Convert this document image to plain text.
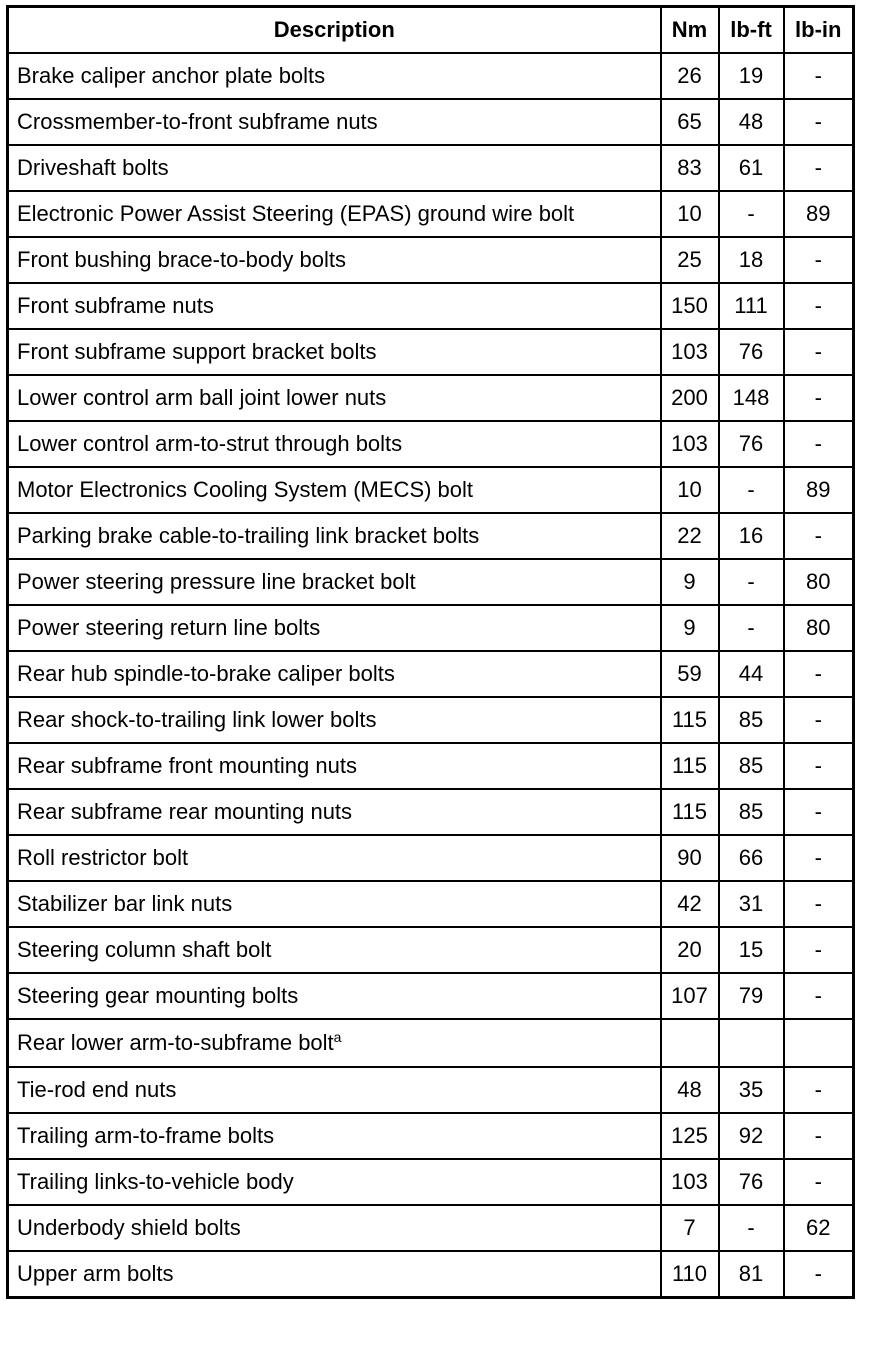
Description	Nm	lb-ft	lb-in
Brake caliper anchor plate bolts	26	19	-
Crossmember-to-front subframe nuts	65	48	-
Driveshaft bolts	83	61	-
Electronic Power Assist Steering (EPAS) ground wire bolt	10	-	89
Front bushing brace-to-body bolts	25	18	-
Front subframe nuts	150	111	-
Front subframe support bracket bolts	103	76	-
Lower control arm ball joint lower nuts	200	148	-
Lower control arm-to-strut through bolts	103	76	-
Motor Electronics Cooling System (MECS) bolt	10	-	89
Parking brake cable-to-trailing link bracket bolts	22	16	-
Power steering pressure line bracket bolt	9	-	80
Power steering return line bolts	9	-	80
Rear hub spindle-to-brake caliper bolts	59	44	-
Rear shock-to-trailing link lower bolts	115	85	-
Rear subframe front mounting nuts	115	85	-
Rear subframe rear mounting nuts	115	85	-
Roll restrictor bolt	90	66	-
Stabilizer bar link nuts	42	31	-
Steering column shaft bolt	20	15	-
Steering gear mounting bolts	107	79	-
Rear lower arm-to-subframe bolt$^a$			
Tie-rod end nuts	48	35	-
Trailing arm-to-frame bolts	125	92	-
Trailing links-to-vehicle body	103	76	-
Underbody shield bolts	7	-	62
Upper arm bolts	110	81	-
